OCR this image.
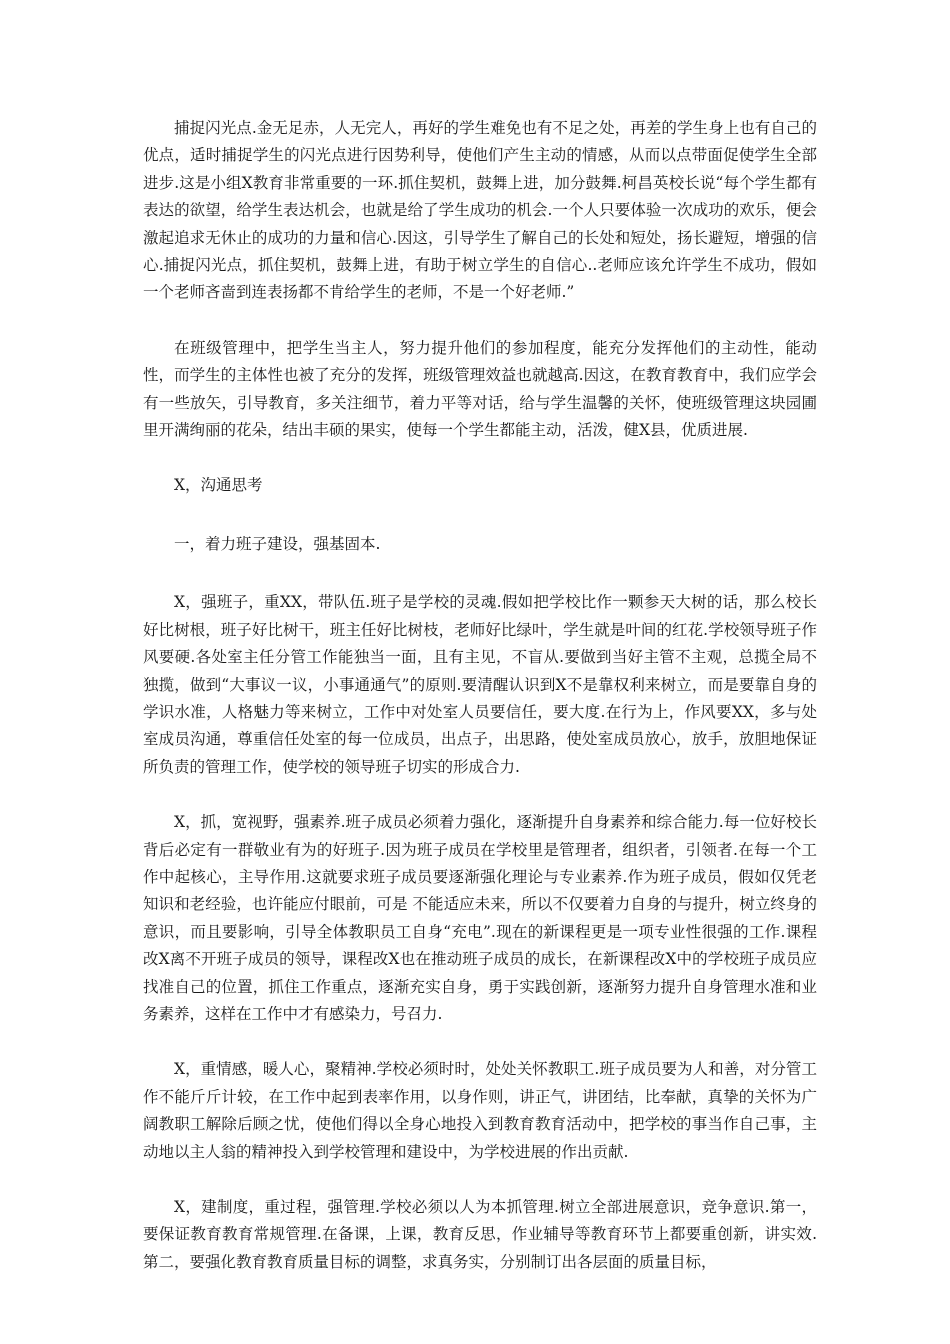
捕捉闪光点.金无足赤，人无完人，再好的学生难免也有不足之处，再差的学生身上也有自己的优点，适时捕捉学生的闪光点进行因势利导，使他们产生主动的情感，从而以点带面促使学生全部进步.这是小组X教育非常重要的一环.抓住契机，鼓舞上进，加分鼓舞.柯昌英校长说“每个学生都有表达的欲望，给学生表达机会，也就是给了学生成功的机会.一个人只要体验一次成功的欢乐，便会激起追求无休止的成功的力量和信心.因这，引导学生了解自己的长处和短处，扬长避短，增强的信心.捕捉闪光点，抓住契机，鼓舞上进，有助于树立学生的自信心..老师应该允许学生不成功，假如一个老师吝啬到连表扬都不肯给学生的老师，不是一个好老师.”

在班级管理中，把学生当主人，努力提升他们的参加程度，能充分发挥他们的主动性，能动性，而学生的主体性也被了充分的发挥，班级管理效益也就越高.因这，在教育教育中，我们应学会有一些放矢，引导教育，多关注细节，着力平等对话，给与学生温馨的关怀，使班级管理这块园圃里开满绚丽的花朵，结出丰硕的果实，使每一个学生都能主动，活泼，健X县，优质进展.

X，沟通思考

一，着力班子建设，强基固本.

X，强班子，重XX，带队伍.班子是学校的灵魂.假如把学校比作一颗参天大树的话，那么校长好比树根，班子好比树干，班主任好比树枝，老师好比绿叶，学生就是叶间的红花.学校领导班子作风要硬.各处室主任分管工作能独当一面，且有主见，不盲从.要做到当好主管不主观，总揽全局不独揽，做到“大事议一议，小事通通气”的原则.要清醒认识到X不是靠权利来树立，而是要靠自身的学识水准，人格魅力等来树立，工作中对处室人员要信任，要大度.在行为上，作风要XX，多与处室成员沟通，尊重信任处室的每一位成员，出点子，出思路，使处室成员放心，放手，放胆地保证所负责的管理工作，使学校的领导班子切实的形成合力.

X，抓，宽视野，强素养.班子成员必须着力强化，逐渐提升自身素养和综合能力.每一位好校长背后必定有一群敬业有为的好班子.因为班子成员在学校里是管理者，组织者，引领者.在每一个工作中起核心，主导作用.这就要求班子成员要逐渐强化理论与专业素养.作为班子成员，假如仅凭老知识和老经验，也许能应付眼前，可是 不能适应未来，所以不仅要着力自身的与提升，树立终身的意识，而且要影响，引导全体教职员工自身“充电”.现在的新课程更是一项专业性很强的工作.课程改X离不开班子成员的领导，课程改X也在推动班子成员的成长，在新课程改X中的学校班子成员应找准自己的位置，抓住工作重点，逐渐充实自身，勇于实践创新，逐渐努力提升自身管理水准和业务素养，这样在工作中才有感染力，号召力.

X，重情感，暖人心，聚精神.学校必须时时，处处关怀教职工.班子成员要为人和善，对分管工作不能斤斤计较，在工作中起到表率作用，以身作则，讲正气，讲团结，比奉献，真挚的关怀为广阔教职工解除后顾之忧，使他们得以全身心地投入到教育教育活动中，把学校的事当作自己事，主动地以主人翁的精神投入到学校管理和建设中，为学校进展的作出贡献.

X，建制度，重过程，强管理.学校必须以人为本抓管理.树立全部进展意识，竞争意识.第一，要保证教育教育常规管理.在备课，上课，教育反思，作业辅导等教育环节上都要重创新，讲实效.第二，要强化教育教育质量目标的调整，求真务实，分别制订出各层面的质量目标，
